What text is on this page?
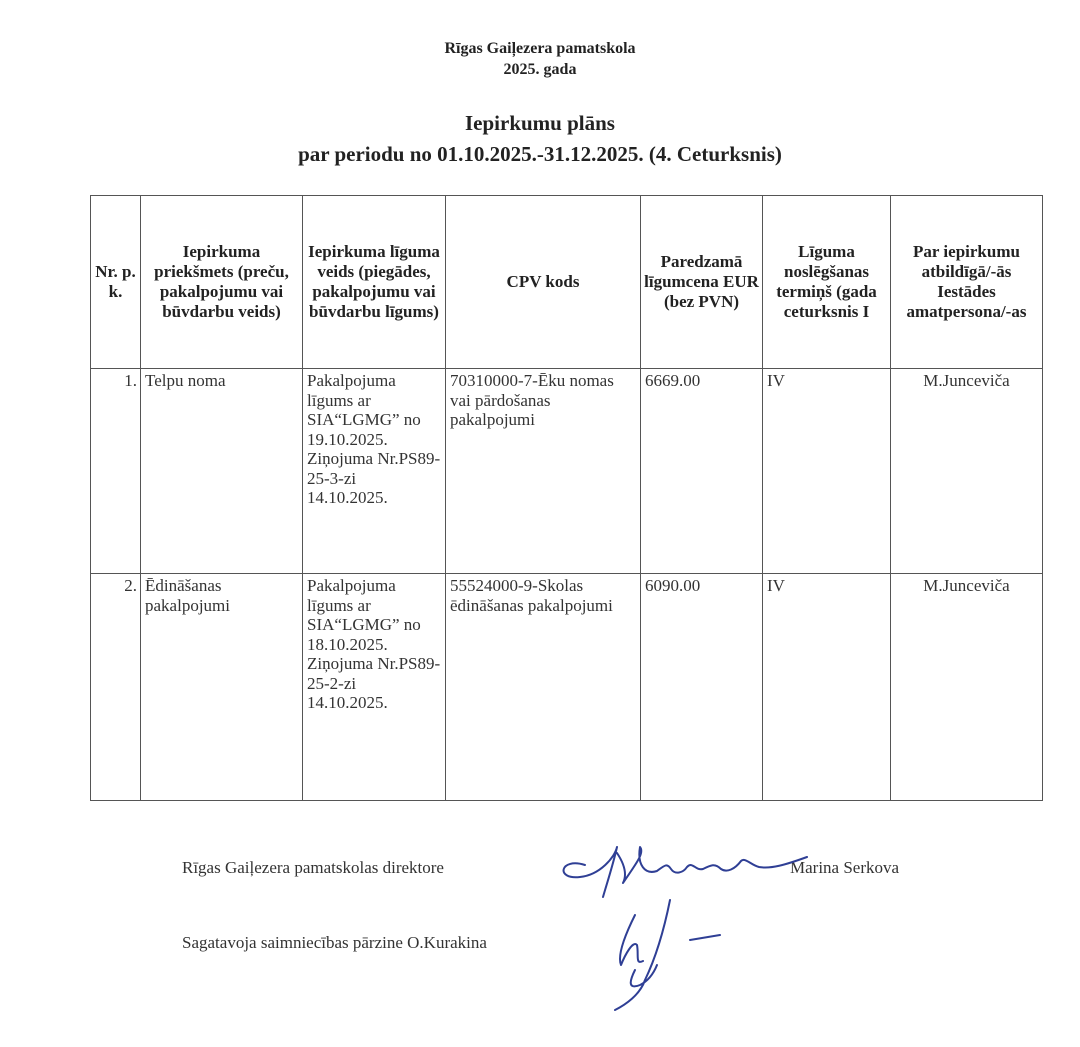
Rīgas Gaiļezera pamatskola
2025. gada
Iepirkumu plāns
par periodu no 01.10.2025.-31.12.2025. (4. Ceturksnis)
Nr. p. k.	Iepirkuma priekšmets (preču, pakalpojumu vai būvdarbu veids)	Iepirkuma līguma veids (piegādes, pakalpojumu vai būvdarbu līgums)	CPV kods	Paredzamā līgumcena EUR (bez PVN)	Līguma noslēgšanas termiņš (gada ceturksnis I	Par iepirkumu atbildīgā/-ās Iestādes amatpersona/-as
1.	Telpu noma	Pakalpojuma līgums ar SIA“LGMG” no 19.10.2025. Ziņojuma Nr.PS89-25-3-zi 14.10.2025.	70310000-7-Ēku nomas vai pārdošanas pakalpojumi	6669.00	IV	M.Junceviča
2.	Ēdināšanas pakalpojumi	Pakalpojuma līgums ar SIA“LGMG” no 18.10.2025. Ziņojuma Nr.PS89-25-2-zi 14.10.2025.	55524000-9-Skolas ēdināšanas pakalpojumi	6090.00	IV	M.Junceviča
Rīgas Gaiļezera pamatskolas direktore	Marina Serkova
Sagatavoja saimniecības pārzine O.Kurakina
